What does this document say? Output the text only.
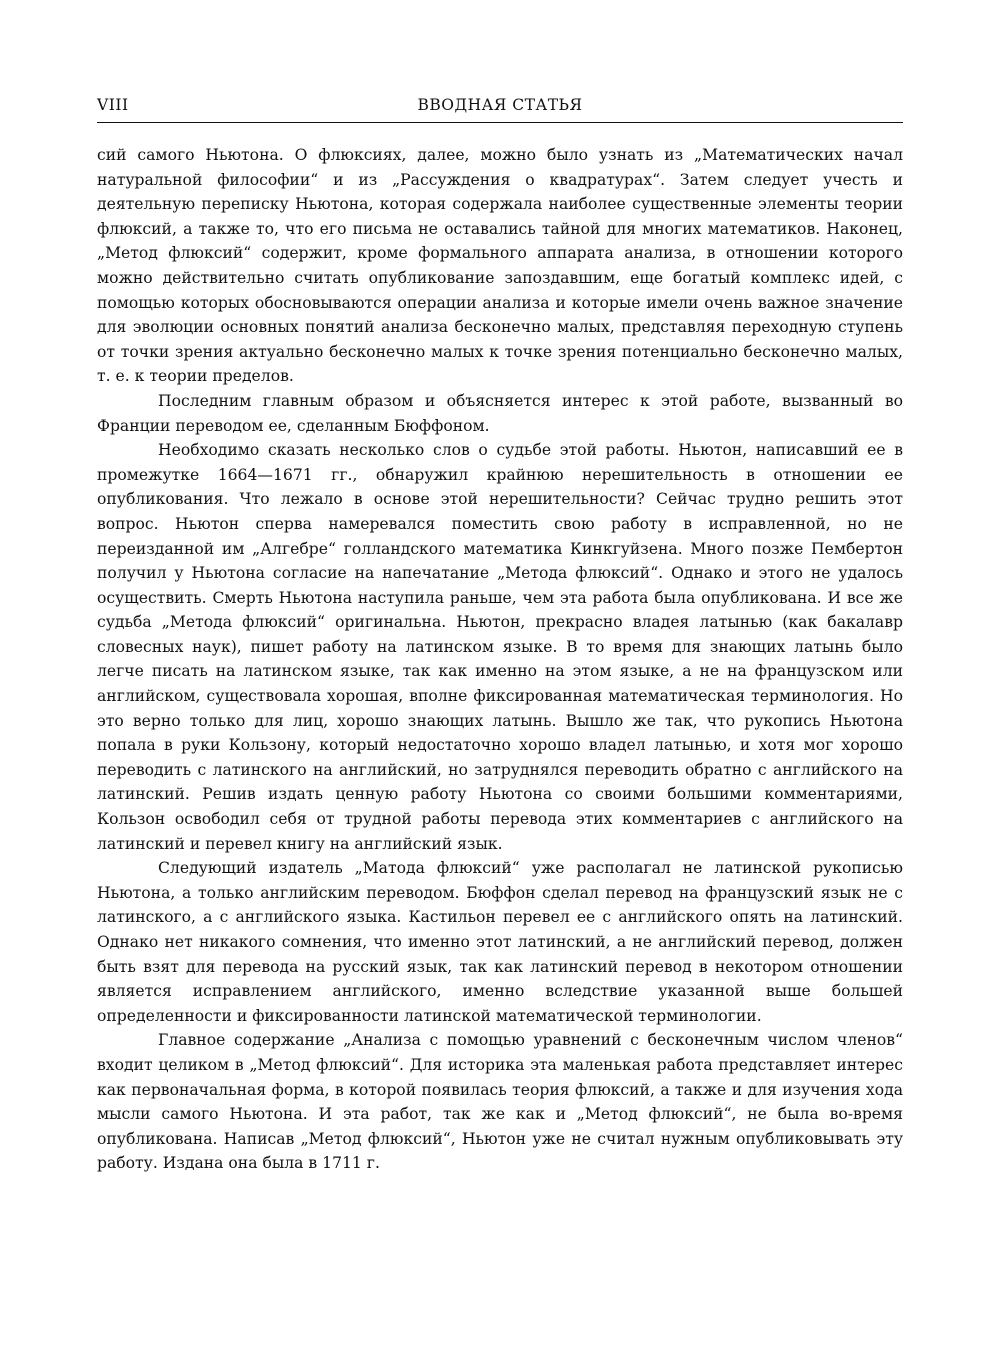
VIII	ВВОДНАЯ СТАТЬЯ

сий самого Ньютона. О флюксиях, далее, можно было узнать из „Математических начал натуральной философии“ и из „Рассуждения о квадратурах“. Затем следует учесть и деятельную переписку Ньютона, которая содержала наиболее существенные элементы теории флюксий, а также то, что его письма не оставались тайной для многих математиков. Наконец, „Метод флюксий“ содержит, кроме формального аппарата анализа, в отношении которого можно действительно считать опубликование запоздавшим, еще богатый комплекс идей, с помощью которых обосновываются операции анализа и которые имели очень важное значение для эволюции основных понятий анализа бесконечно малых, представляя переходную ступень от точки зрения актуально бесконечно малых к точке зрения потенциально бесконечно малых, т. е. к теории пределов.

Последним главным образом и объясняется интерес к этой работе, вызванный во Франции переводом ее, сделанным Бюффоном.

Необходимо сказать несколько слов о судьбе этой работы. Ньютон, написавший ее в промежутке 1664—1671 гг., обнаружил крайнюю нерешительность в отношении ее опубликования. Что лежало в основе этой нерешительности? Сейчас трудно решить этот вопрос. Ньютон сперва намеревался поместить свою работу в исправленной, но не переизданной им „Алгебре“ голландского математика Кинкгуйзена. Много позже Пембертон получил у Ньютона согласие на напечатание „Метода флюксий“. Однако и этого не удалось осуществить. Смерть Ньютона наступила раньше, чем эта работа была опубликована. И все же судьба „Метода флюксий“ оригинальна. Ньютон, прекрасно владея латынью (как бакалавр словесных наук), пишет работу на латинском языке. В то время для знающих латынь было легче писать на латинском языке, так как именно на этом языке, а не на французском или английском, существовала хорошая, вполне фиксированная математическая терминология. Но это верно только для лиц, хорошо знающих латынь. Вышло же так, что рукопись Ньютона попала в руки Кользону, который недостаточно хорошо владел латынью, и хотя мог хорошо переводить с латинского на английский, но затруднялся переводить обратно с английского на латинский. Решив издать ценную работу Ньютона со своими большими комментариями, Кользон освободил себя от трудной работы перевода этих комментариев с английского на латинский и перевел книгу на английский язык.

Следующий издатель „Матода флюксий“ уже располагал не латинской рукописью Ньютона, а только английским переводом. Бюффон сделал перевод на французский язык не с латинского, а с английского языка. Кастильон перевел ее с английского опять на латинский. Однако нет никакого сомнения, что именно этот латинский, а не английский перевод, должен быть взят для перевода на русский язык, так как латинский перевод в некотором отношении является исправлением английского, именно вследствие указанной выше большей определенности и фиксированности латинской математической терминологии.

Главное содержание „Анализа с помощью уравнений с бесконечным числом членов“ входит целиком в „Метод флюксий“. Для историка эта маленькая работа представляет интерес как первоначальная форма, в которой появилась теория флюксий, а также и для изучения хода мысли самого Ньютона. И эта работ, так же как и „Метод флюксий“, не была во-время опубликована. Написав „Метод флюксий“, Ньютон уже не считал нужным опубликовывать эту работу. Издана она была в 1711 г.
